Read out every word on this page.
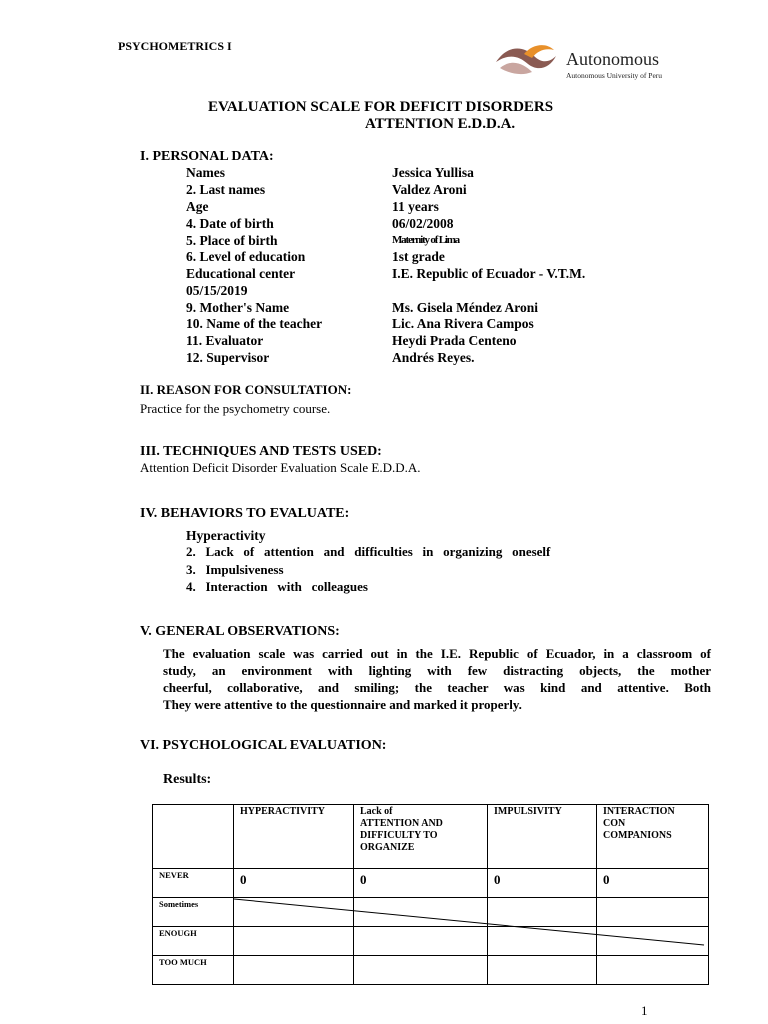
PSYCHOMETRICS I
Autonomous
Autonomous University of Peru
EVALUATION SCALE FOR DEFICIT DISORDERS
ATTENTION E.D.D.A.
I. PERSONAL DATA:
Names	Jessica Yullisa
2. Last names	Valdez Aroni
Age	11 years
4. Date of birth	06/02/2008
5. Place of birth	Maternity of Lima
6. Level of education	1st grade
Educational center	I.E. Republic of Ecuador - V.T.M.
05/15/2019
9. Mother's Name	Ms. Gisela Méndez Aroni
10. Name of the teacher	Lic. Ana Rivera Campos
11. Evaluator	Heydi Prada Centeno
12. Supervisor	Andrés Reyes.
II. REASON FOR CONSULTATION:
Practice for the psychometry course.
III. TECHNIQUES AND TESTS USED:
Attention Deficit Disorder Evaluation Scale E.D.D.A.
IV. BEHAVIORS TO EVALUATE:
Hyperactivity
2.   Lack   of   attention   and   difficulties   in   organizing   oneself
3.   Impulsiveness
4.   Interaction   with   colleagues
V. GENERAL OBSERVATIONS:
The evaluation scale was carried out in the I.E. Republic of Ecuador, in a classroom of
study, an environment with lighting with few distracting objects, the mother
cheerful, collaborative, and smiling; the teacher was kind and attentive. Both
They were attentive to the questionnaire and marked it properly.
VI. PSYCHOLOGICAL EVALUATION:
Results:
	HYPERACTIVITY	Lack of
ATTENTION AND
DIFFICULTY TO
ORGANIZE	IMPULSIVITY	INTERACTION
CON
COMPANIONS
NEVER	0	0	0	0
Sometimes				
ENOUGH				
TOO MUCH				
1
